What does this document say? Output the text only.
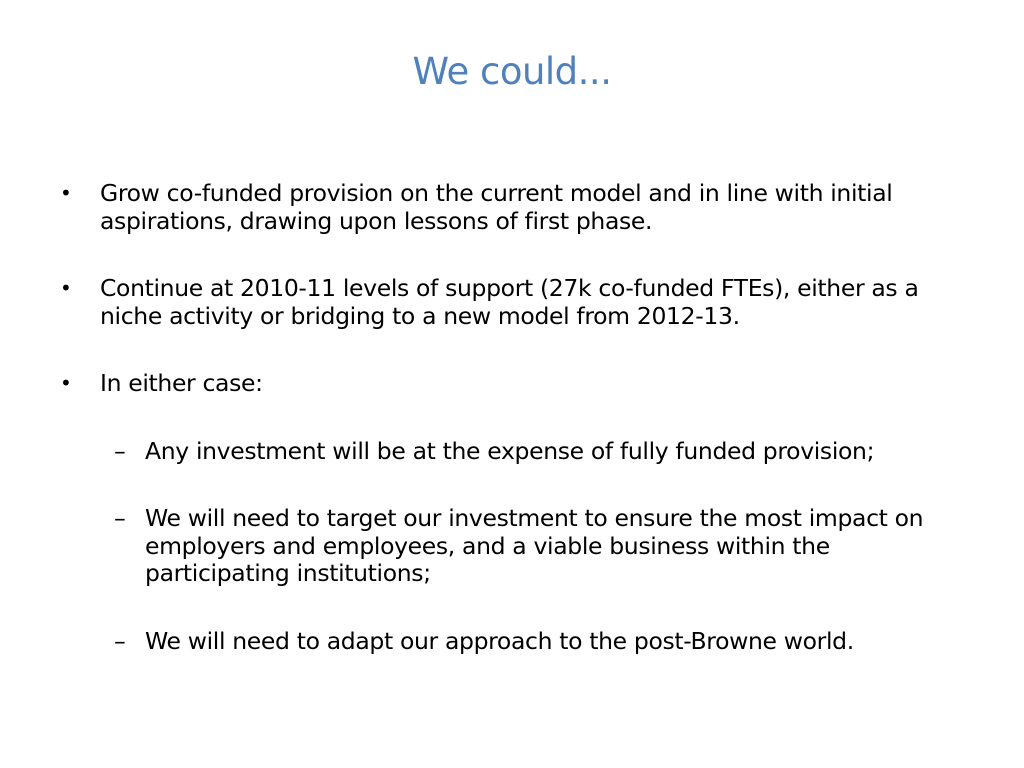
We could...
• Grow co-funded provision on the current model and in line with initial aspirations, drawing upon lessons of first phase.
• Continue at 2010-11 levels of support (27k co-funded FTEs), either as a niche activity or bridging to a new model from 2012-13.
• In either case:
– Any investment will be at the expense of fully funded provision;
– We will need to target our investment to ensure the most impact on employers and employees, and a viable business within the participating institutions;
– We will need to adapt our approach to the post-Browne world.
